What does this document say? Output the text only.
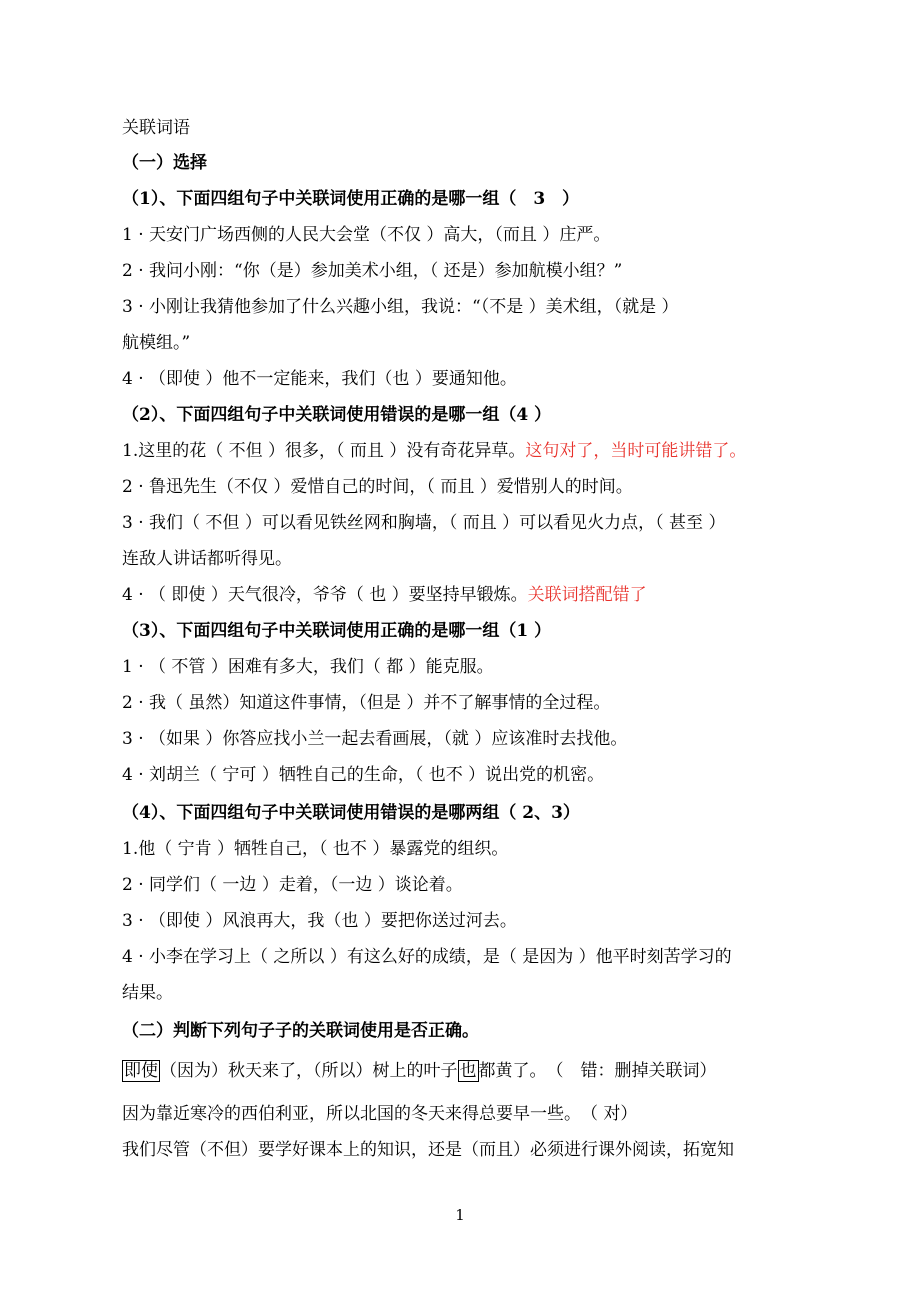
关联词语
（一）选择
（1）、下面四组句子中关联词使用正确的是哪一组（　3　）
1 · 天安门广场西侧的人民大会堂（不仅 ）高大，（而且 ）庄严。
2 · 我问小刚：“你（是）参加美术小组，（ 还是）参加航模小组？”
3 · 小刚让我猜他参加了什么兴趣小组，我说：“（不是 ）美术组，（就是 ）
航模组。”
4 · （即使 ）他不一定能来，我们（也 ）要通知他。
（2）、下面四组句子中关联词使用错误的是哪一组（4 ）
1.这里的花（ 不但 ）很多，（ 而且 ）没有奇花异草。这句对了，当时可能讲错了。
2 · 鲁迅先生（不仅 ）爱惜自己的时间，（ 而且 ）爱惜别人的时间。
3 · 我们（ 不但 ）可以看见铁丝网和胸墙，（ 而且 ）可以看见火力点，（ 甚至 ）
连敌人讲话都听得见。
4 · （ 即使 ）天气很冷，爷爷（ 也 ）要坚持早锻炼。关联词搭配错了
（3）、下面四组句子中关联词使用正确的是哪一组（1 ）
1 · （ 不管 ）困难有多大，我们（ 都 ）能克服。
2 · 我（ 虽然）知道这件事情，（但是 ）并不了解事情的全过程。
3 · （如果 ）你答应找小兰一起去看画展，（就 ）应该准时去找他。
4 · 刘胡兰（ 宁可 ）牺牲自己的生命，（ 也不 ）说出党的机密。
（4）、下面四组句子中关联词使用错误的是哪两组（ 2、3）
1.他（ 宁肯 ）牺牲自己，（ 也不 ）暴露党的组织。
2 · 同学们（ 一边 ）走着，（一边 ）谈论着。
3 · （即使 ）风浪再大，我（也 ）要把你送过河去。
4 · 小李在学习上（ 之所以 ）有这么好的成绩，是（ 是因为 ）他平时刻苦学习的
结果。
（二）判断下列句子子的关联词使用是否正确。
即使 （因为）秋天来了，（所以）树上的叶子 也 都黄了。　（　错：删掉关联词）
因为靠近寒冷的西伯利亚，所以北国的冬天来得总要早一些。　（ 对）
我们尽管（不但）要学好课本上的知识，还是（而且）必须进行课外阅读，拓宽知
1
